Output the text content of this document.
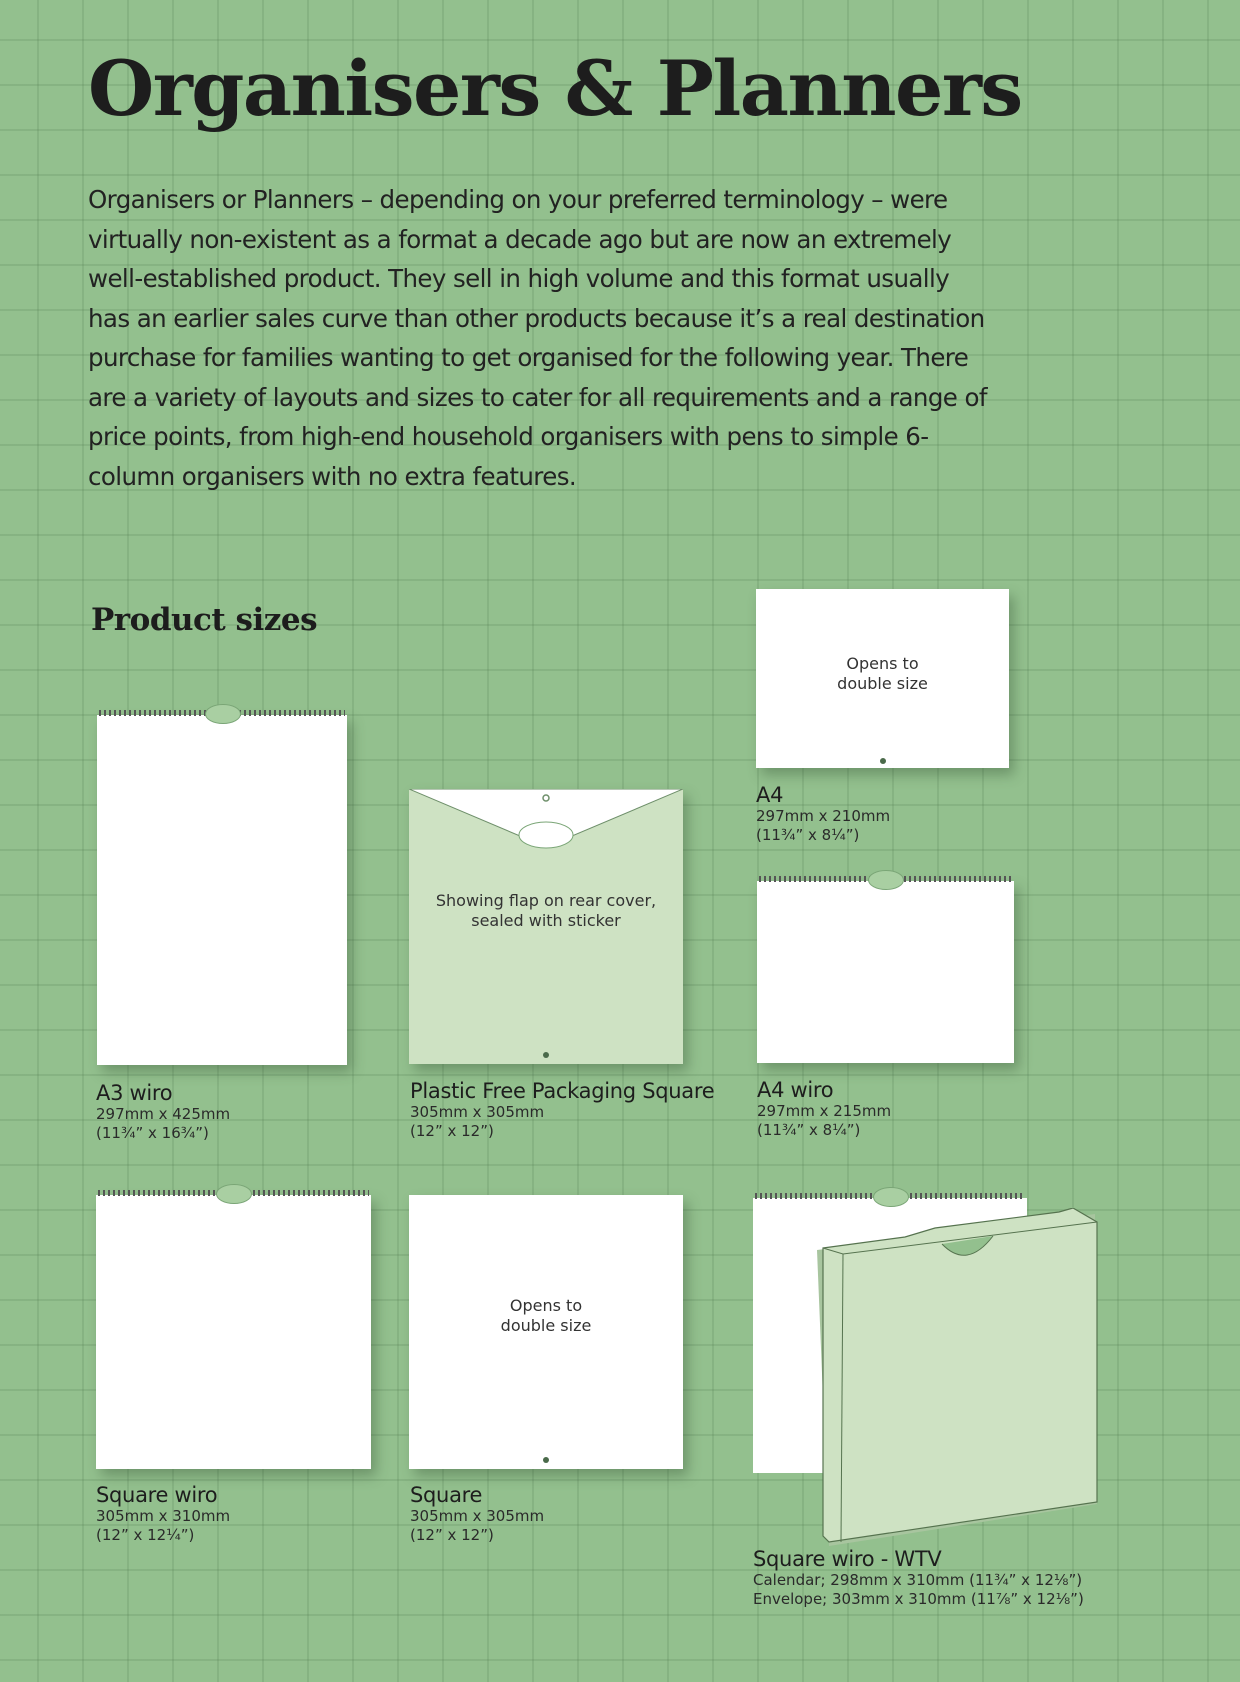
Organisers & Planners

Organisers or Planners – depending on your preferred terminology – were virtually non-existent as a format a decade ago but are now an extremely well-established product. They sell in high volume and this format usually has an earlier sales curve than other products because it’s a real destination purchase for families wanting to get organised for the following year. There are a variety of layouts and sizes to cater for all requirements and a range of price points, from high-end household organisers with pens to simple 6-column organisers with no extra features.

Product sizes
A3 wiro
297mm x 425mm
(11¾” x 16¾”)
Showing flap on rear cover,
sealed with sticker
Plastic Free Packaging Square
305mm x 305mm
(12” x 12”)
Opens to
double size
A4
297mm x 210mm
(11¾” x 8¼”)
A4 wiro
297mm x 215mm
(11¾” x 8¼”)
Square wiro
305mm x 310mm
(12” x 12¼”)
Opens to
double size
Square
305mm x 305mm
(12” x 12”)
Square wiro - WTV
Calendar; 298mm x 310mm (11¾” x 12⅛”)
Envelope; 303mm x 310mm (11⅞” x 12⅛”)
